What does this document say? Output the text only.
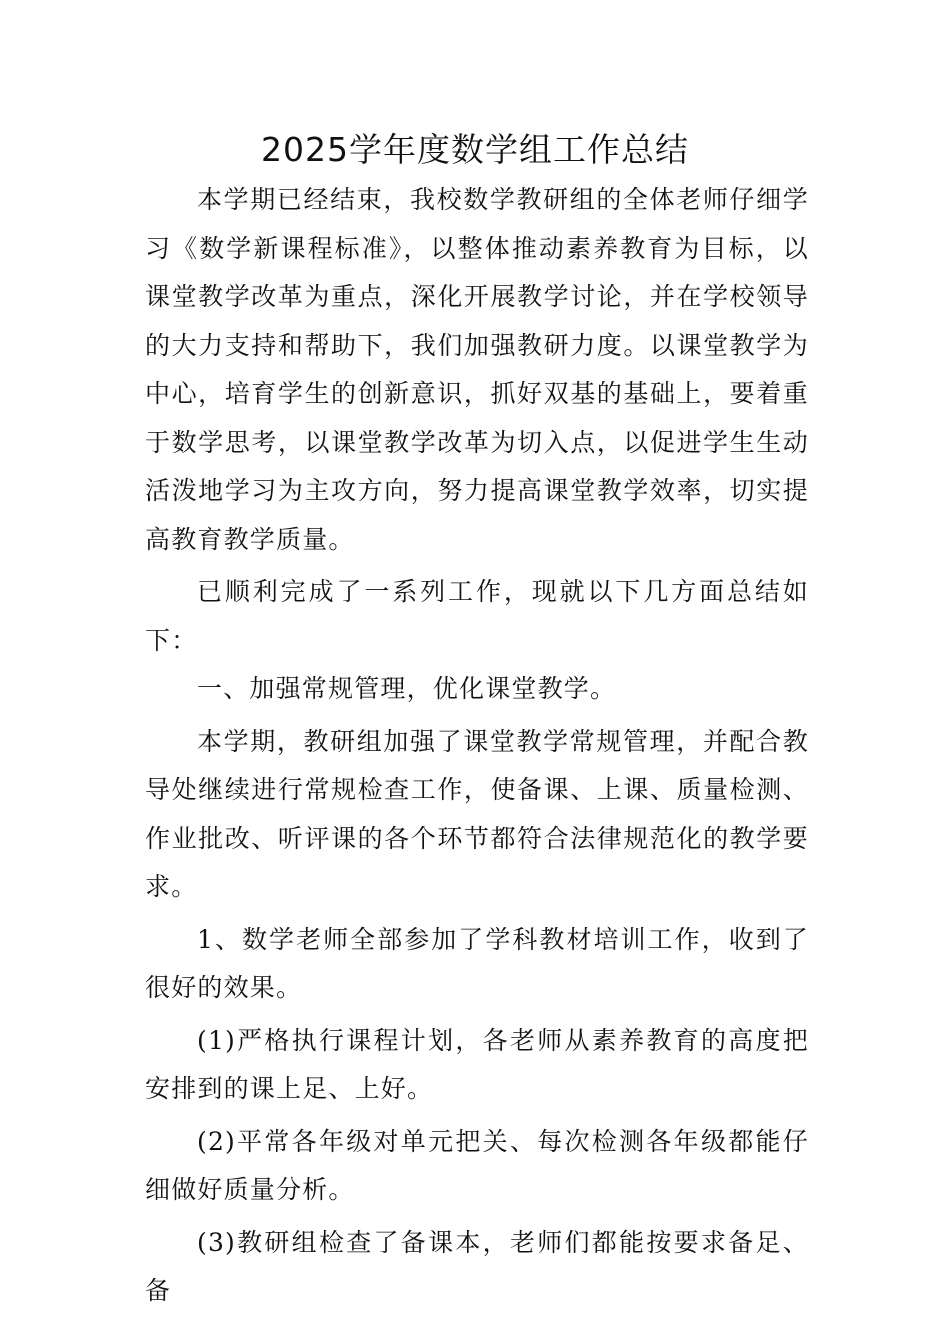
2025学年度数学组工作总结

本学期已经结束，我校数学教研组的全体老师仔细学习《数学新课程标准》，以整体推动素养教育为目标，以课堂教学改革为重点，深化开展教学讨论，并在学校领导的大力支持和帮助下，我们加强教研力度。以课堂教学为中心，培育学生的创新意识，抓好双基的基础上，要着重于数学思考，以课堂教学改革为切入点，以促进学生生动活泼地学习为主攻方向，努力提高课堂教学效率，切实提高教育教学质量。

已顺利完成了一系列工作，现就以下几方面总结如下：

一、加强常规管理，优化课堂教学。

本学期，教研组加强了课堂教学常规管理，并配合教导处继续进行常规检查工作，使备课、上课、质量检测、作业批改、听评课的各个环节都符合法律规范化的教学要求。

1、数学老师全部参加了学科教材培训工作，收到了很好的效果。

(1)严格执行课程计划，各老师从素养教育的高度把安排到的课上足、上好。

(2)平常各年级对单元把关、每次检测各年级都能仔细做好质量分析。

(3)教研组检查了备课本，老师们都能按要求备足、备
